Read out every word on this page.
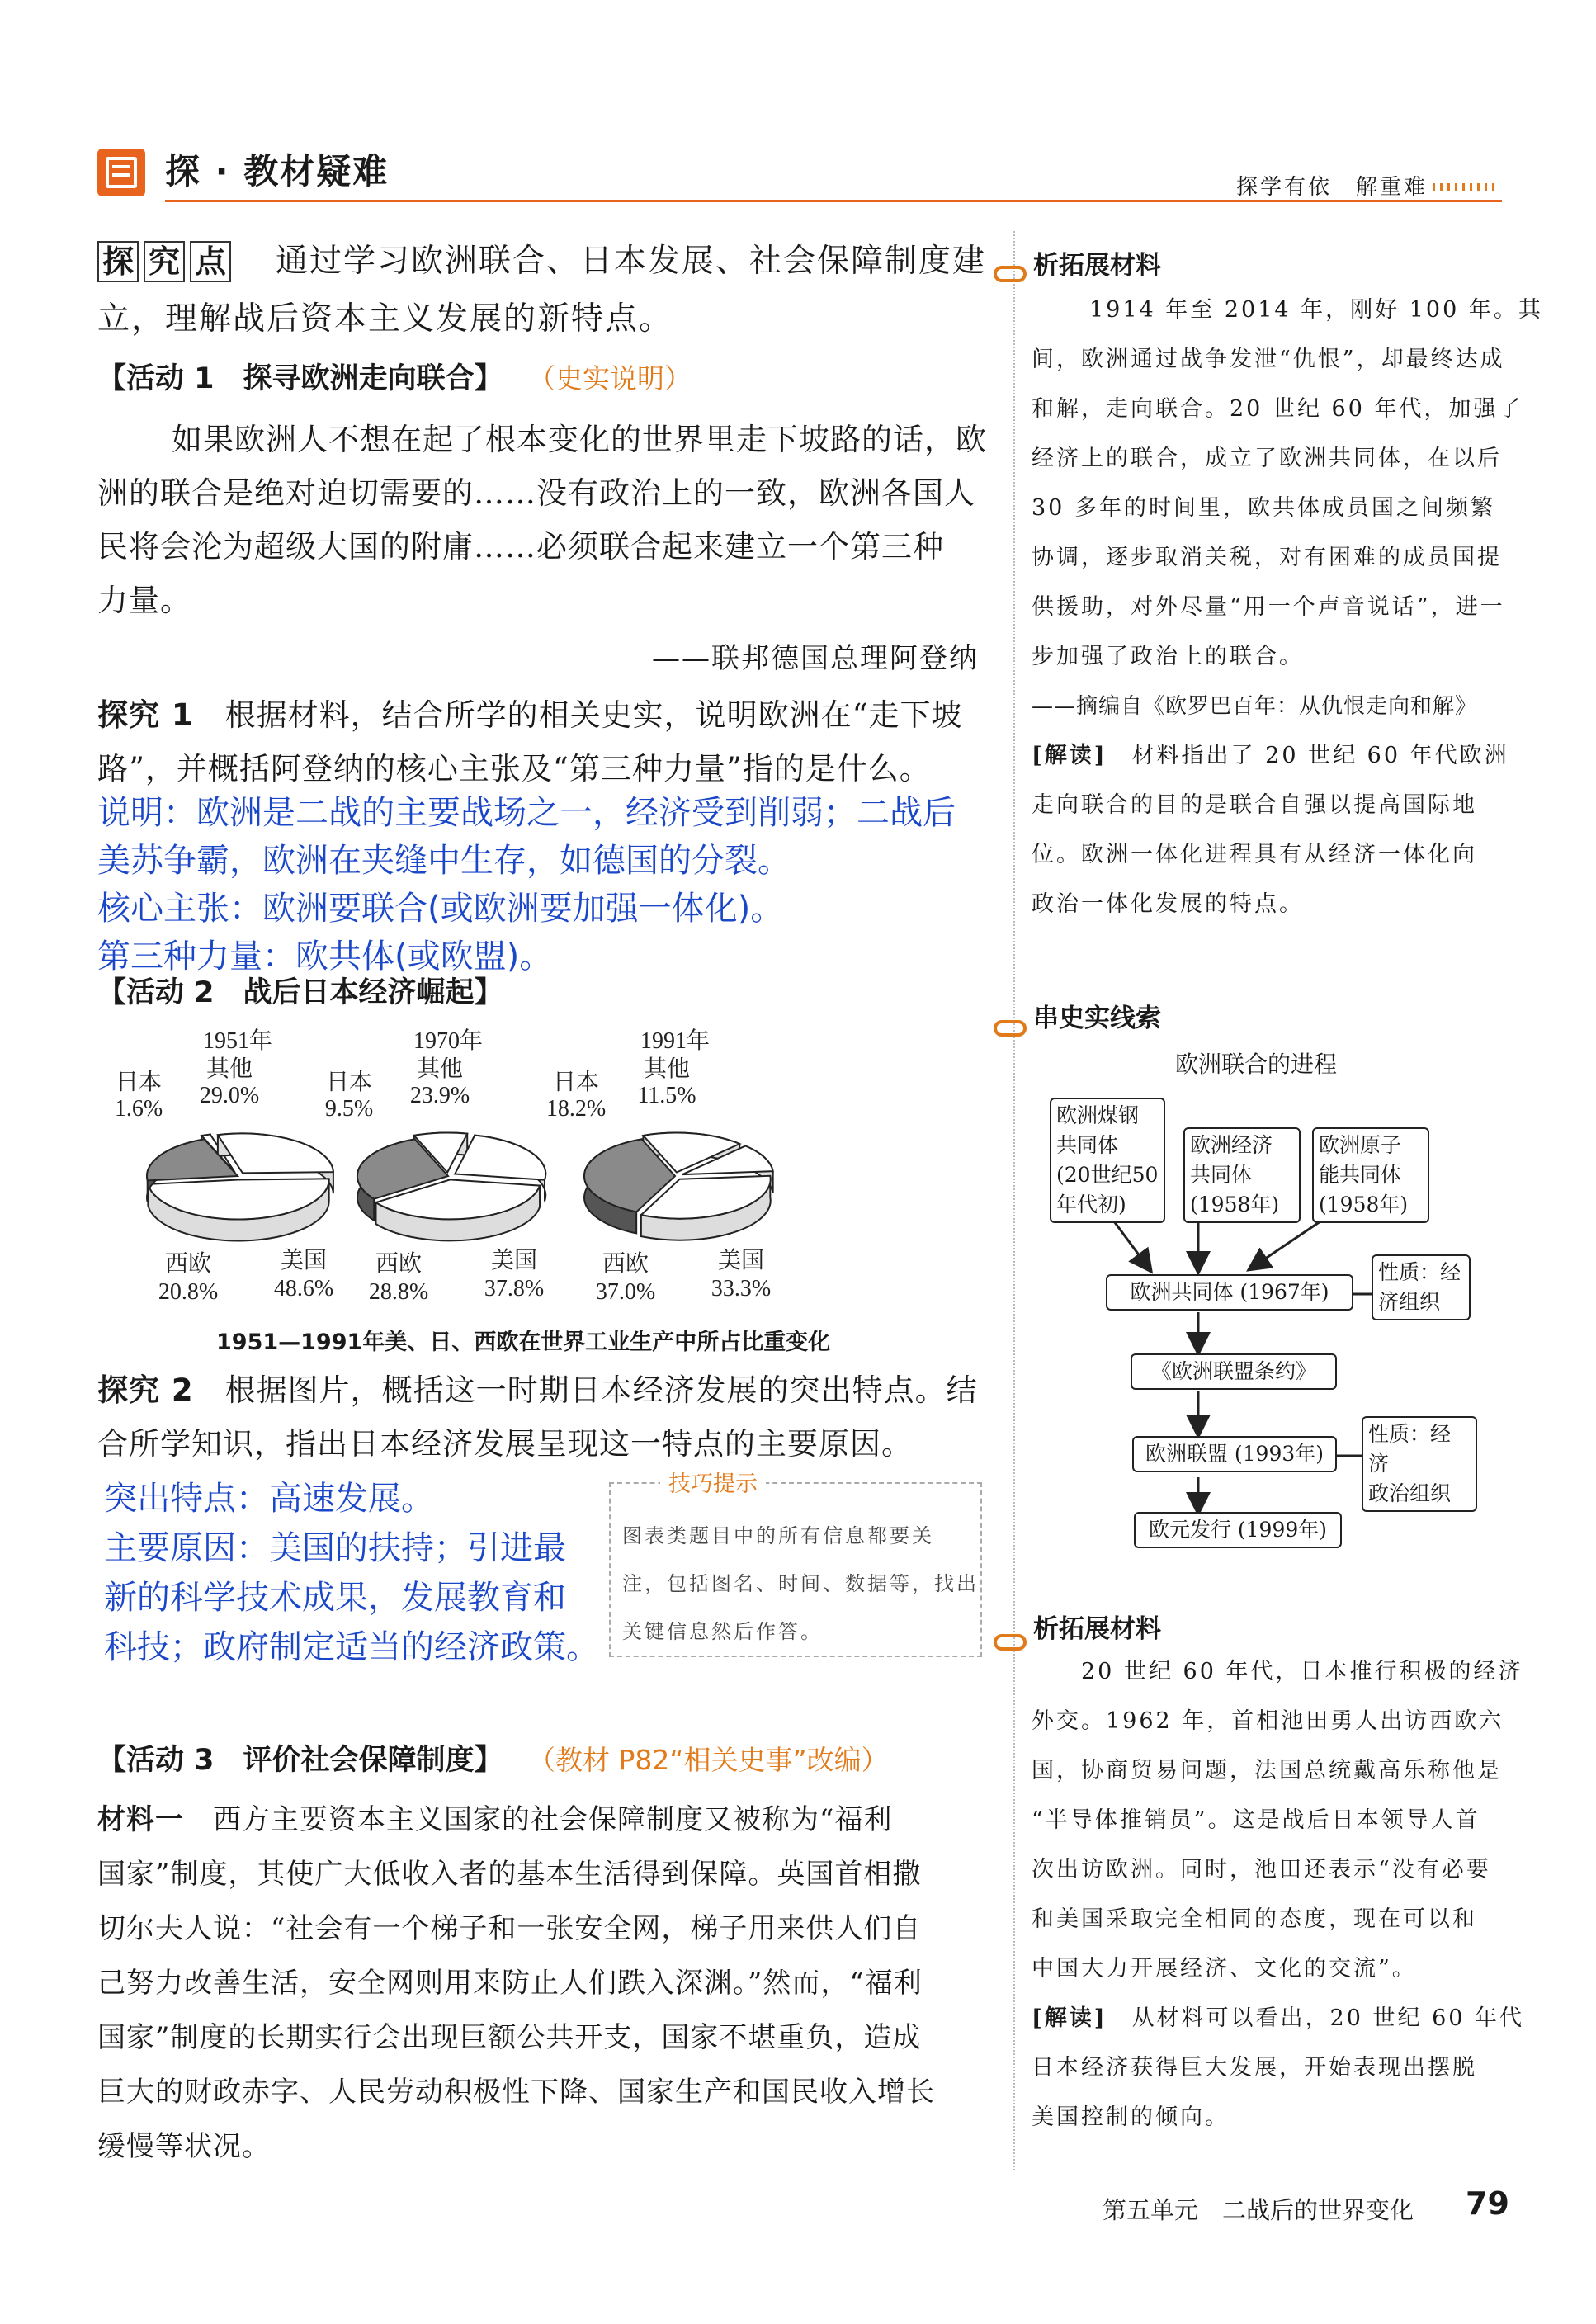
探 · 教材疑难	探学有依　解重难
探 究 点 通过学习欧洲联合、日本发展、社会保障制度建
立，理解战后资本主义发展的新特点。
【活动 1　探寻欧洲走向联合】 （史实说明）
如果欧洲人不想在起了根本变化的世界里走下坡路的话，欧
洲的联合是绝对迫切需要的……没有政治上的一致，欧洲各国人
民将会沦为超级大国的附庸……必须联合起来建立一个第三种
力量。
——联邦德国总理阿登纳
探究 1　 根据材料，结合所学的相关史实，说明欧洲在“走下坡
路”，并概括阿登纳的核心主张及“第三种力量”指的是什么。
说明：欧洲是二战的主要战场之一，经济受到削弱；二战后
美苏争霸，欧洲在夹缝中生存，如德国的分裂。
核心主张：欧洲要联合(或欧洲要加强一体化)。
第三种力量：欧共体(或欧盟)。
【活动 2　战后日本经济崛起】
1951年
日本
1.6%
其他
29.0%
美国
48.6%
西欧
20.8%
1970年
日本
9.5%
其他
23.9%
美国
37.8%
西欧
28.8%
1991年
日本
18.2%
其他
11.5%
美国
33.3%
西欧
37.0%
1951—1991年美、日、西欧在世界工业生产中所占比重变化
探究 2　 根据图片，概括这一时期日本经济发展的突出特点。结
合所学知识，指出日本经济发展呈现这一特点的主要原因。
突出特点：高速发展。
主要原因：美国的扶持；引进最
新的科学技术成果，发展教育和
科技；政府制定适当的经济政策。
技巧提示
图表类题目中的所有信息都要关
注，包括图名、时间、数据等，找出
关键信息然后作答。
【活动 3　评价社会保障制度】 （教材 P82“相关史事”改编）
材料一　 西方主要资本主义国家的社会保障制度又被称为“福利
国家”制度，其使广大低收入者的基本生活得到保障。英国首相撒
切尔夫人说：“社会有一个梯子和一张安全网，梯子用来供人们自
己努力改善生活，安全网则用来防止人们跌入深渊。”然而，“福利
国家”制度的长期实行会出现巨额公共开支，国家不堪重负，造成
巨大的财政赤字、人民劳动积极性下降、国家生产和国民收入增长
缓慢等状况。
析拓展材料
1914 年至 2014 年，刚好 100 年。其
间，欧洲通过战争发泄“仇恨”，却最终达成
和解，走向联合。20 世纪 60 年代，加强了
经济上的联合，成立了欧洲共同体，在以后
30 多年的时间里，欧共体成员国之间频繁
协调，逐步取消关税，对有困难的成员国提
供援助，对外尽量“用一个声音说话”，进一
步加强了政治上的联合。
——摘编自《欧罗巴百年：从仇恨走向和解》
[解读]　 材料指出了 20 世纪 60 年代欧洲
走向联合的目的是联合自强以提高国际地
位。欧洲一体化进程具有从经济一体化向
政治一体化发展的特点。
串史实线索
欧洲联合的进程
欧洲煤钢
共同体
(20世纪50
年代初)
欧洲经济
共同体
(1958年)
欧洲原子
能共同体
(1958年)
欧洲共同体 (1967年)
性质：经
济组织
《欧洲联盟条约》
欧洲联盟 (1993年)
性质：经济
政治组织
欧元发行 (1999年)
析拓展材料
20 世纪 60 年代，日本推行积极的经济
外交。1962 年，首相池田勇人出访西欧六
国，协商贸易问题，法国总统戴高乐称他是
“半导体推销员”。这是战后日本领导人首
次出访欧洲。同时，池田还表示“没有必要
和美国采取完全相同的态度，现在可以和
中国大力开展经济、文化的交流”。
[解读]　 从材料可以看出，20 世纪 60 年代
日本经济获得巨大发展，开始表现出摆脱
美国控制的倾向。
第五单元　二战后的世界变化 79
